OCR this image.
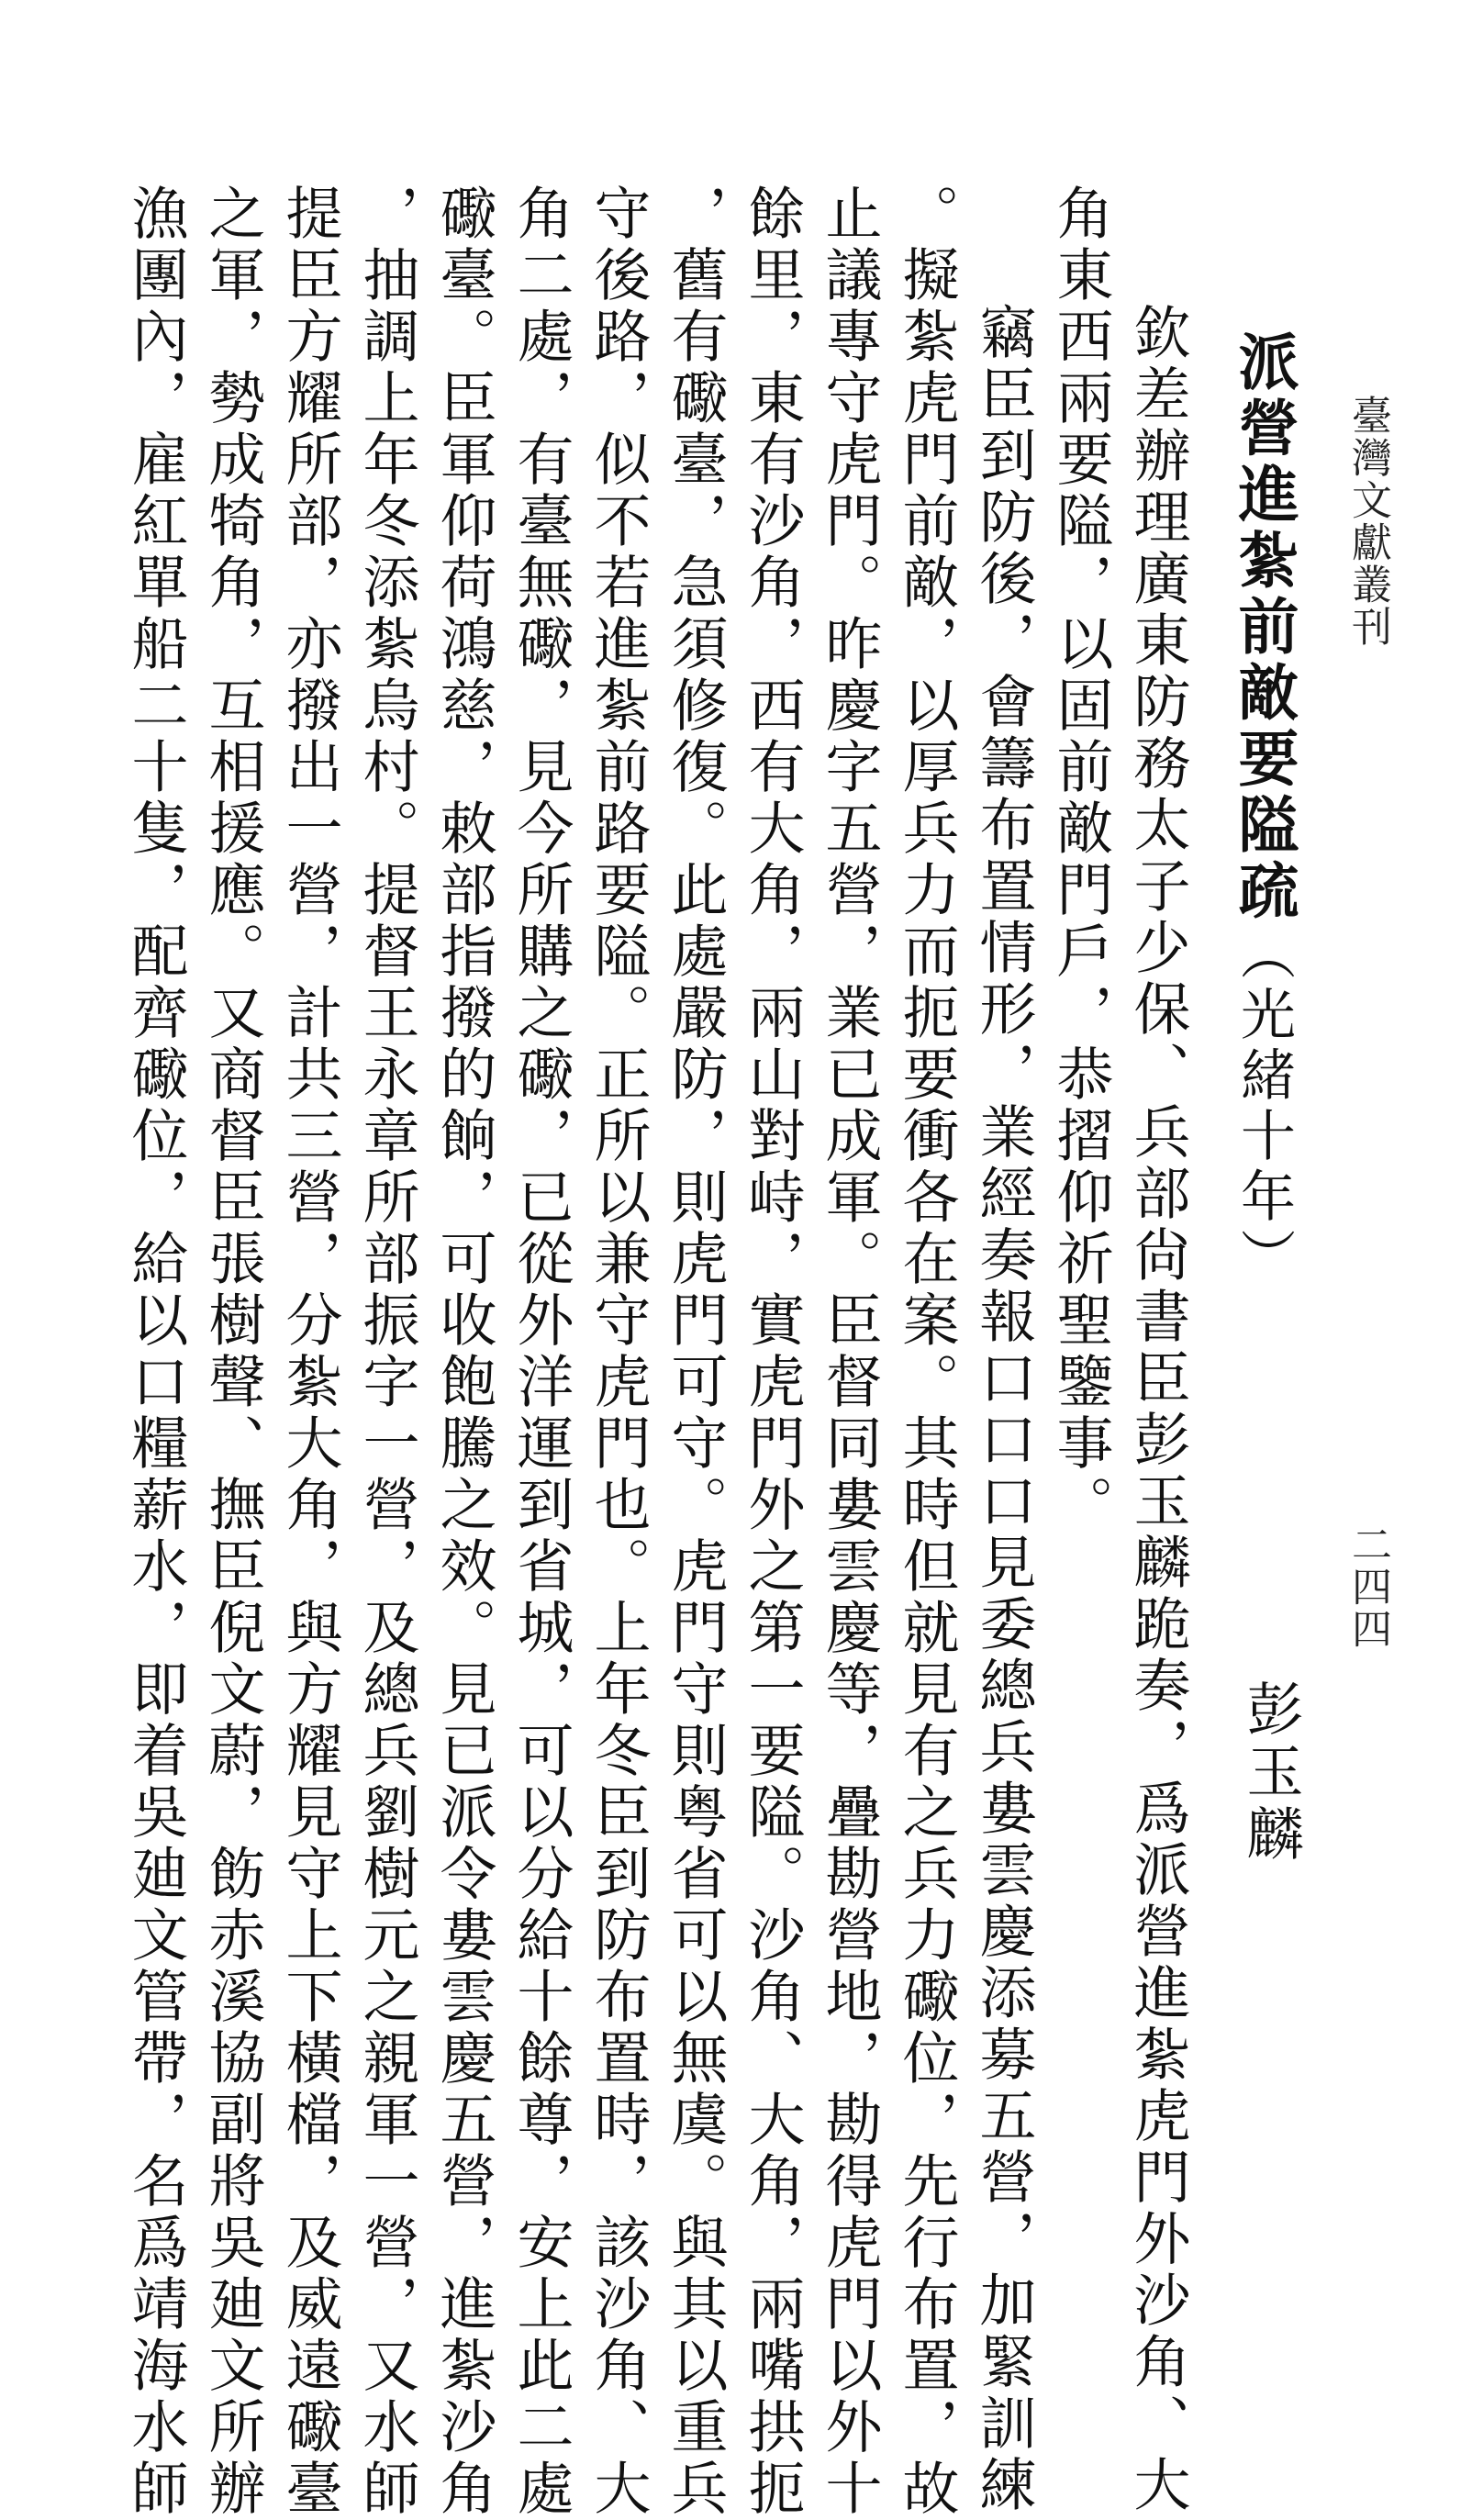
臺灣文獻叢刊
二四四
派營進紮前敵要隘疏（光緒十年）
彭玉麟
欽差辦理廣東防務太子少保、兵部尙書臣彭玉麟跪奏，爲派營進紮虎門外沙角、大
角東西兩要隘，以固前敵門戶，恭摺仰祈聖鑒事。
竊臣到防後，會籌布置情形，業經奏報口口口見委總兵婁雲慶添募五營，加緊訓練
。擬紮虎門前敵，以厚兵力而扼要衝各在案。其時但就見有之兵力礮位，先行布置，故
止議專守虎門。昨慶字五營，業已成軍。臣督同婁雲慶等，疊勘營地，勘得虎門以外十
餘里，東有沙角，西有大角，兩山對峙，實虎門外之第一要隘。沙角、大角，兩嘴拱扼
，舊有礮臺，急須修復。此處嚴防，則虎門可守。虎門守則粤省可以無虞。與其以重兵
守後路，似不若進紮前路要隘。正所以兼守虎門也。上年冬臣到防布置時，該沙角、大
角二處，有臺無礮，見今所購之礮，已從外洋運到省城，可以分給十餘尊，安上此二處
礮臺。臣軍仰荷鴻慈，敕部指撥的餉，可收飽騰之效。見已派令婁雲慶五營，進紮沙角
，抽調上年冬添紮烏村。提督王永章所部振字一營，及總兵劉樹元之親軍一營，又水師
提臣方耀所部，亦撥出一營，計共三營，分紮大角，與方耀見守上下橫檔，及威遠礮臺
之軍，勢成犄角，互相援應。又商督臣張樹聲、撫臣倪文蔚，飭赤溪協副將吳廸文所辦
漁團內，雇紅單船二十隻，配齊礮位，給以口糧薪水，即着吳廸文管帶，名爲靖海水師
